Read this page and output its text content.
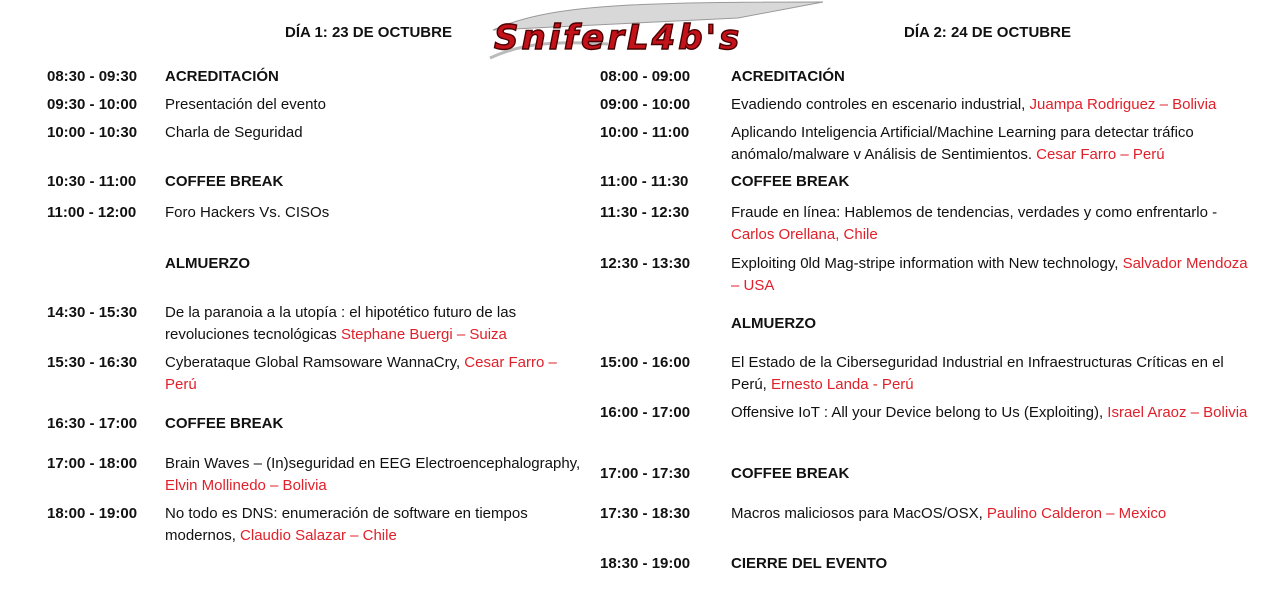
DÍA 1: 23 DE OCTUBRE	DÍA 2: 24 DE OCTUBRE
SniferL4b's
08:30 - 09:30	ACREDITACIÓN
09:30 - 10:00	Presentación del evento
10:00 - 10:30	Charla de Seguridad
10:30 - 11:00	COFFEE BREAK
11:00 - 12:00	Foro Hackers Vs. CISOs
ALMUERZO
14:30 - 15:30	De la paranoia a la utopía : el hipotético futuro de las revoluciones tecnológicas Stephane Buergi – Suiza
15:30 - 16:30	Cyberataque Global Ramsoware WannaCry, Cesar Farro – Perú
16:30 - 17:00	COFFEE BREAK
17:00 - 18:00	Brain Waves – (In)seguridad en EEG Electroencephalography, Elvin Mollinedo – Bolivia
18:00 - 19:00	No todo es DNS: enumeración de software en tiempos modernos, Claudio Salazar – Chile
08:00 - 09:00	ACREDITACIÓN
09:00 - 10:00	Evadiendo controles en escenario industrial, Juampa Rodriguez – Bolivia
10:00 - 11:00	Aplicando Inteligencia Artificial/Machine Learning para detectar tráfico anómalo/malware v Análisis de Sentimientos. Cesar Farro – Perú
11:00 - 11:30	COFFEE BREAK
11:30 - 12:30	Fraude en línea: Hablemos de tendencias, verdades y como enfrentarlo - Carlos Orellana, Chile
12:30 - 13:30	Exploiting 0ld Mag-stripe information with New technology, Salvador Mendoza – USA
ALMUERZO
15:00 - 16:00	El Estado de la Ciberseguridad Industrial en Infraestructuras Críticas en el Perú, Ernesto Landa - Perú
16:00 - 17:00	Offensive IoT : All your Device belong to Us (Exploiting), Israel Araoz – Bolivia
17:00 - 17:30	COFFEE BREAK
17:30 - 18:30	Macros maliciosos para MacOS/OSX, Paulino Calderon – Mexico
18:30 - 19:00	CIERRE DEL EVENTO
